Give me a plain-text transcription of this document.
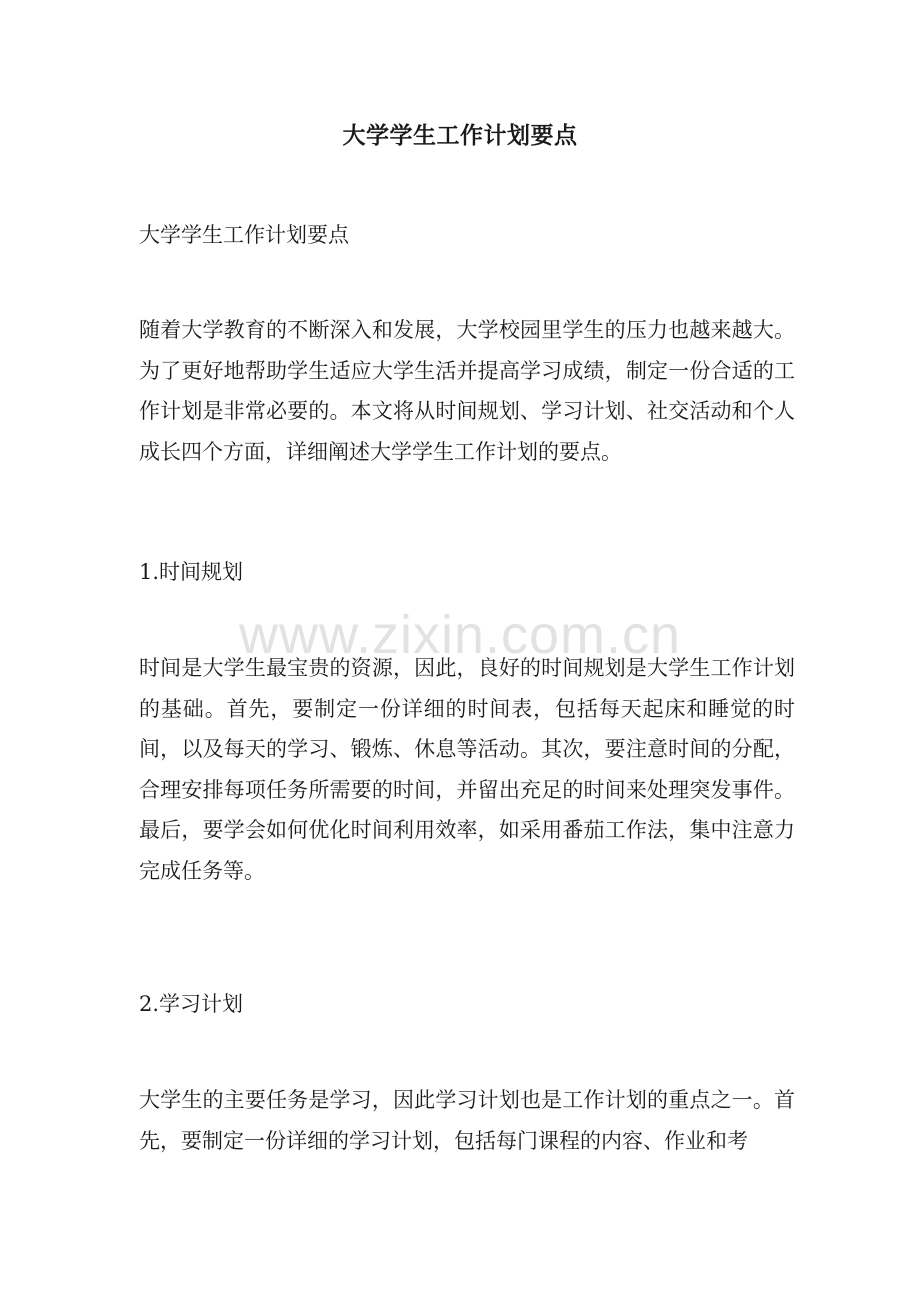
大学学生工作计划要点
大学学生工作计划要点
随着大学教育的不断深入和发展，大学校园里学生的压力也越来越大。为了更好地帮助学生适应大学生活并提高学习成绩，制定一份合适的工作计划是非常必要的。本文将从时间规划、学习计划、社交活动和个人成长四个方面，详细阐述大学学生工作计划的要点。
1.时间规划
时间是大学生最宝贵的资源，因此，良好的时间规划是大学生工作计划的基础。首先，要制定一份详细的时间表，包括每天起床和睡觉的时间，以及每天的学习、锻炼、休息等活动。其次，要注意时间的分配，合理安排每项任务所需要的时间，并留出充足的时间来处理突发事件。最后，要学会如何优化时间利用效率，如采用番茄工作法，集中注意力完成任务等。
2.学习计划
大学生的主要任务是学习，因此学习计划也是工作计划的重点之一。首先，要制定一份详细的学习计划，包括每门课程的内容、作业和考
www.zixin.com.cn
